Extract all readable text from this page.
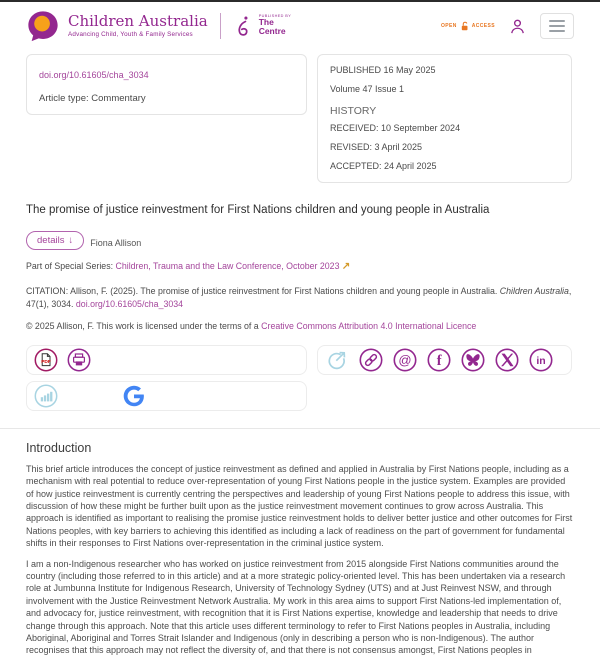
Children Australia
Advancing Child, Youth & Family Services
PUBLISHED BY
The
Centre
OPEN	ACCESS
doi.org/10.61605/cha_3034
Article type: Commentary
PUBLISHED 16 May 2025
Volume 47 Issue 1
HISTORY
RECEIVED: 10 September 2024
REVISED: 3 April 2025
ACCEPTED: 24 April 2025
The promise of justice reinvestment for First Nations children and young people in Australia
details ↓ Fiona Allison
Part of Special Series: Children, Trauma and the Law Conference, October 2023 ↗
CITATION: Allison, F. (2025). The promise of justice reinvestment for First Nations children and young people in Australia. Children Australia, 47(1), 3034. doi.org/10.61605/cha_3034
© 2025 Allison, F. This work is licensed under the terms of a Creative Commons Attribution 4.0 International Licence
PDF	@ f	in
Introduction

This brief article introduces the concept of justice reinvestment as defined and applied in Australia by First Nations people, including as a mechanism with real potential to reduce over-representation of young First Nations people in the justice system. Examples are provided of how justice reinvestment is currently centring the perspectives and leadership of young First Nations people to address this issue, with discussion of how these might be further built upon as the justice reinvestment movement continues to grow across Australia. This approach is identified as important to realising the promise justice reinvestment holds to deliver better justice and other outcomes for First Nations peoples, with key barriers to achieving this identified as including a lack of readiness on the part of government for fundamental shifts in their responses to First Nations over-representation in the criminal justice system.

I am a non-Indigenous researcher who has worked on justice reinvestment from 2015 alongside First Nations communities around the country (including those referred to in this article) and at a more strategic policy-oriented level. This has been undertaken via a research role at Jumbunna Institute for Indigenous Research, University of Technology Sydney (UTS) and at Just Reinvest NSW, and through involvement with the Justice Reinvestment Network Australia. My work in this area aims to support First Nations-led implementation of, and advocacy for, justice reinvestment, with recognition that it is First Nations expertise, knowledge and leadership that needs to drive change through this approach. Note that this article uses different terminology to refer to First Nations peoples in Australia, including Aboriginal, Aboriginal and Torres Strait Islander and Indigenous (only in describing a person who is non-Indigenous). The author recognises that this approach may not reflect the diversity of, and that there is not consensus amongst, First Nations peoples in
